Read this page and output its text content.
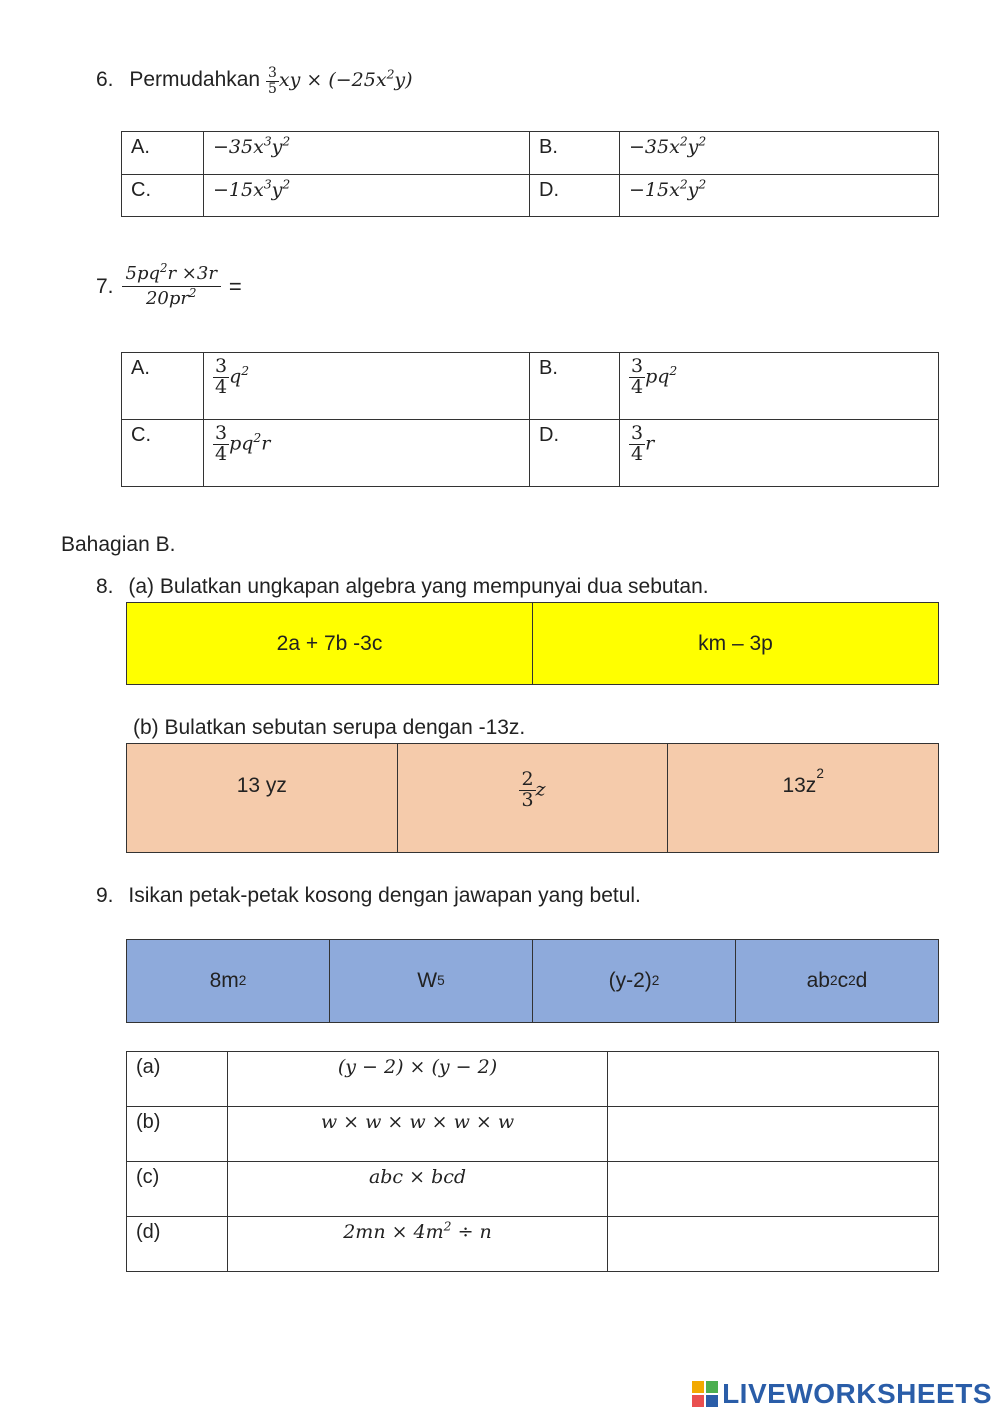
6. Permudahkan $\frac{3}{5}$ xy × $(-25x^2y)$
A.	$-35x^3y^2$	B.	$-35x^2y^2$

C.	$-15x^3y^2$	D.	$-15x^2y^2$
7. $\frac{5pq^2r \times 3r}{20pr^2}$ =
A.	$\frac{3}{4} q^2$	B.	$\frac{3}{4} pq^2$

C.	$\frac{3}{4} pq^2r$	D.	$\frac{3}{4}$ r
Bahagian B.
8. (a) Bulatkan ungkapan algebra yang mempunyai dua sebutan.
2a + 7b -3c	km – 3p
(b) Bulatkan sebutan serupa dengan -13z.
13 yz	$\frac{2}{3}$ z	13z
2
9. Isikan petak-petak kosong dengan jawapan yang betul.
8m 2	W 5	(y-2) 2	ab 2 c 2 d
(a)	(y − 2) × (y − 2)	

(b)	w × w × w × w × w	

(c)	abc × bcd	

(d)	$2mn \times 4m^2 \div n$	

LIVEWORKSHEETS
